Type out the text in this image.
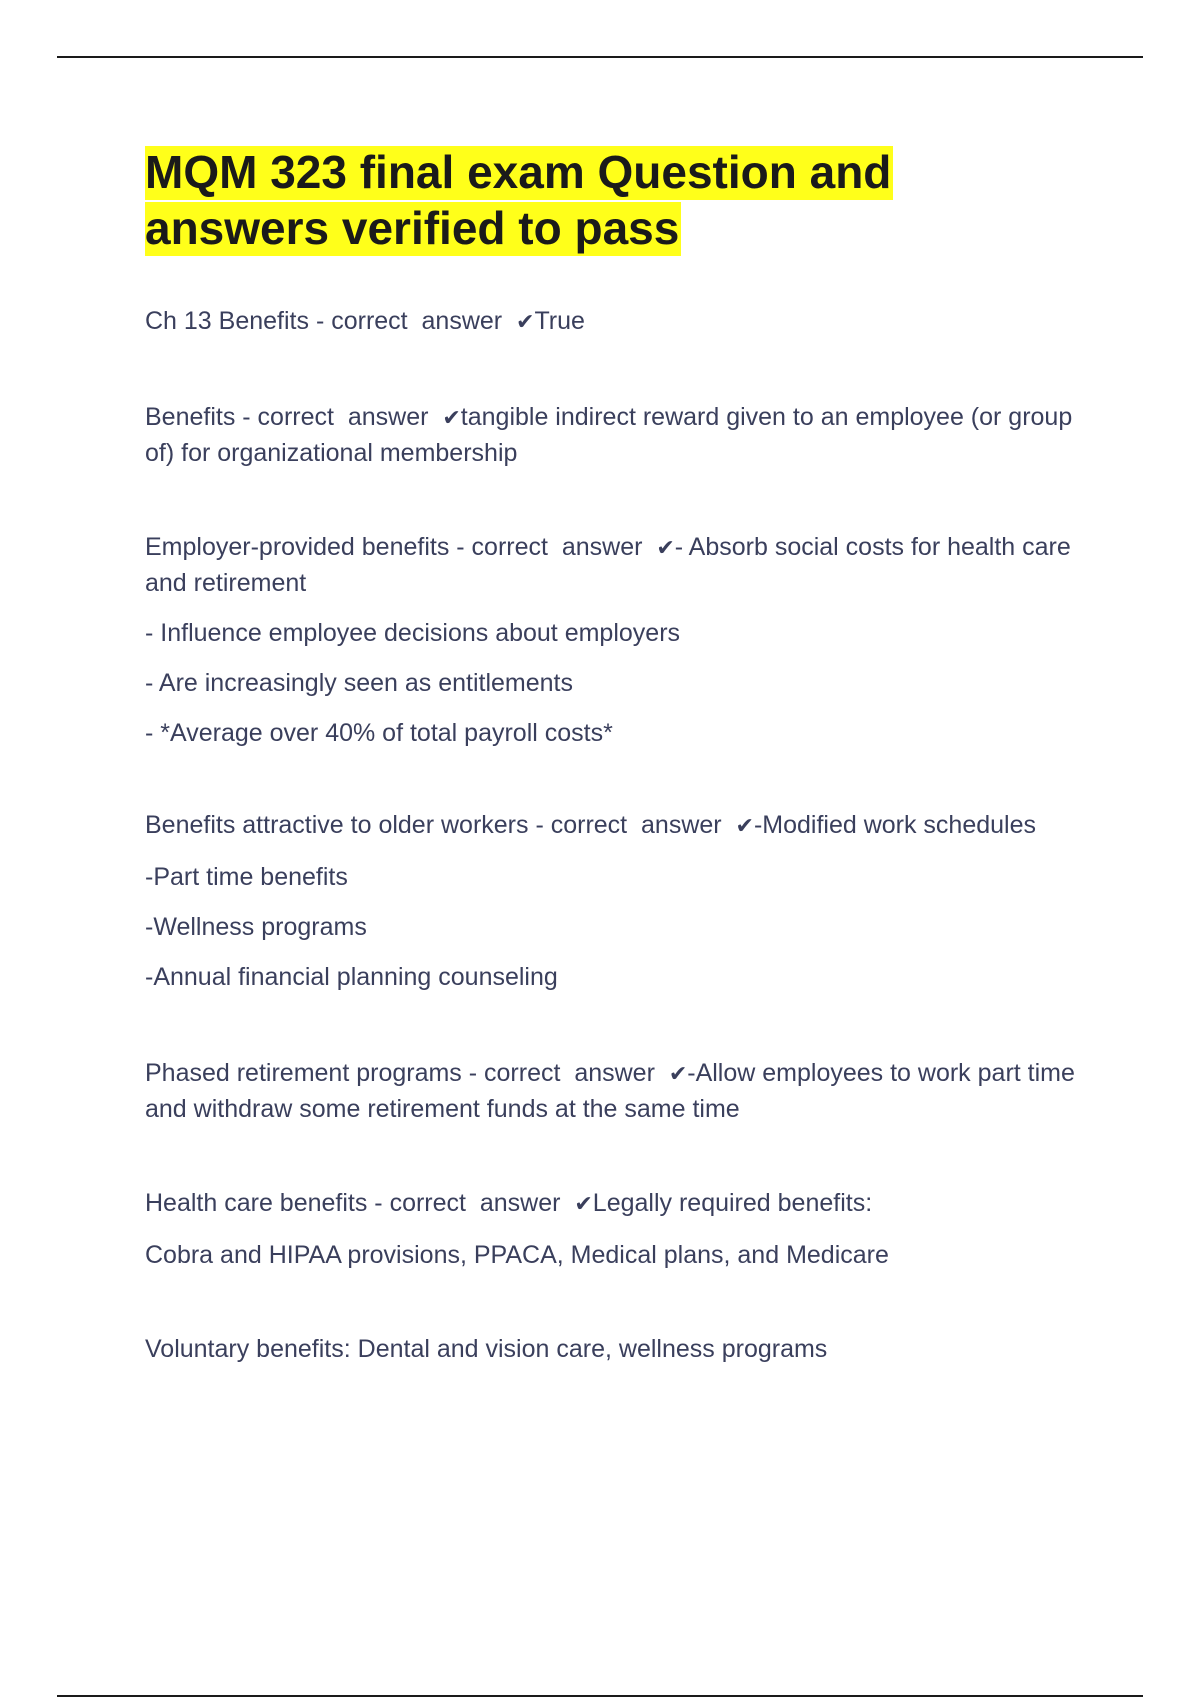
MQM 323 final exam Question and
answers verified to pass

Ch 13 Benefits - correct  answer  ✔True

Benefits - correct  answer  ✔tangible indirect reward given to an employee (or group of) for organizational membership

Employer-provided benefits - correct  answer  ✔- Absorb social costs for health care and retirement

- Influence employee decisions about employers

- Are increasingly seen as entitlements

- *Average over 40% of total payroll costs*

Benefits attractive to older workers - correct  answer  ✔-Modified work schedules

-Part time benefits

-Wellness programs

-Annual financial planning counseling

Phased retirement programs - correct  answer  ✔-Allow employees to work part time and withdraw some retirement funds at the same time

Health care benefits - correct  answer  ✔Legally required benefits:

Cobra and HIPAA provisions, PPACA, Medical plans, and Medicare

Voluntary benefits: Dental and vision care, wellness programs
